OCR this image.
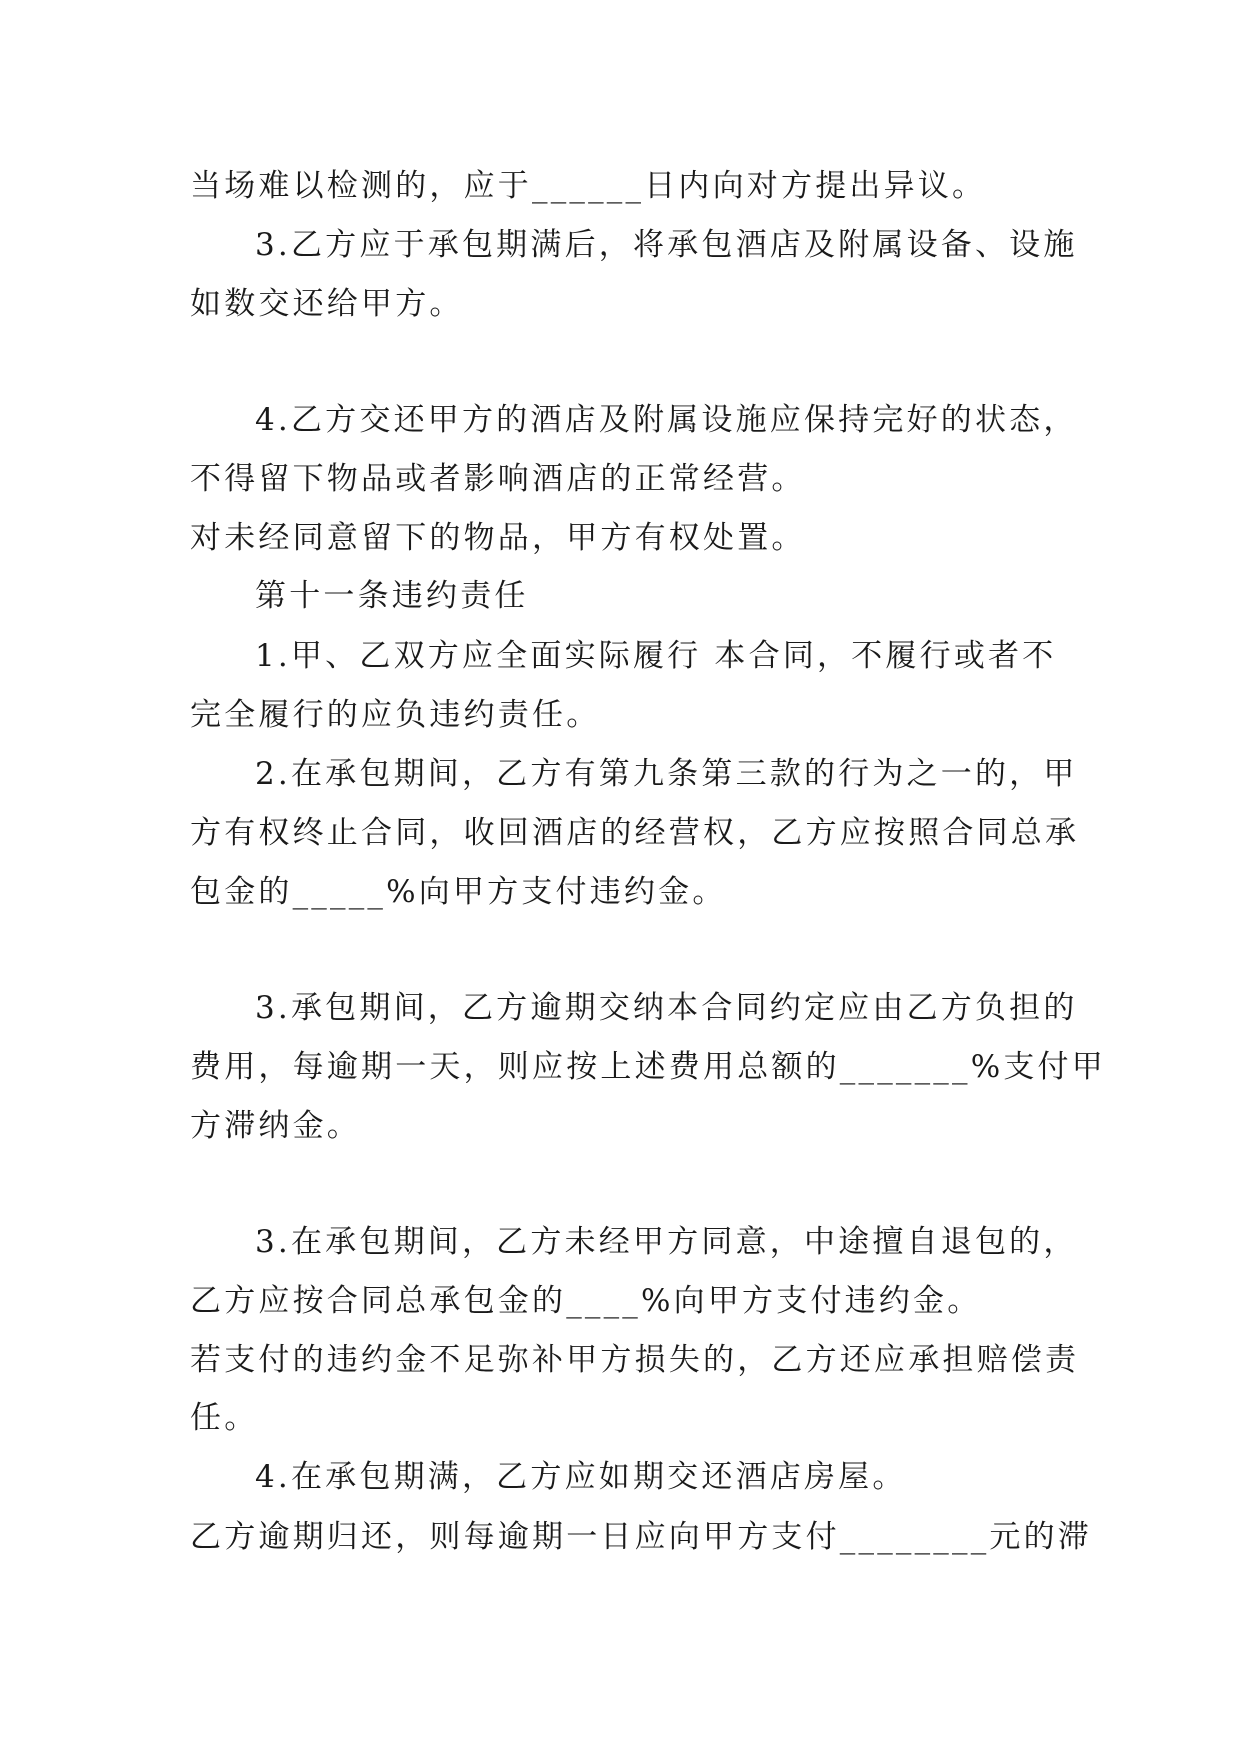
当场难以检测的，应于______日内向对方提出异议。
3.乙方应于承包期满后，将承包酒店及附属设备、设施
如数交还给甲方。
4.乙方交还甲方的酒店及附属设施应保持完好的状态，
不得留下物品或者影响酒店的正常经营。
对未经同意留下的物品，甲方有权处置。
第十一条违约责任
1.甲、乙双方应全面实际履行 本合同，不履行或者不
完全履行的应负违约责任。
2.在承包期间，乙方有第九条第三款的行为之一的，甲
方有权终止合同，收回酒店的经营权，乙方应按照合同总承
包金的_____%向甲方支付违约金。
3.承包期间，乙方逾期交纳本合同约定应由乙方负担的
费用，每逾期一天，则应按上述费用总额的_______%支付甲
方滞纳金。
3.在承包期间，乙方未经甲方同意，中途擅自退包的，
乙方应按合同总承包金的____%向甲方支付违约金。
若支付的违约金不足弥补甲方损失的，乙方还应承担赔偿责
任。
4.在承包期满，乙方应如期交还酒店房屋。
乙方逾期归还，则每逾期一日应向甲方支付________元的滞
